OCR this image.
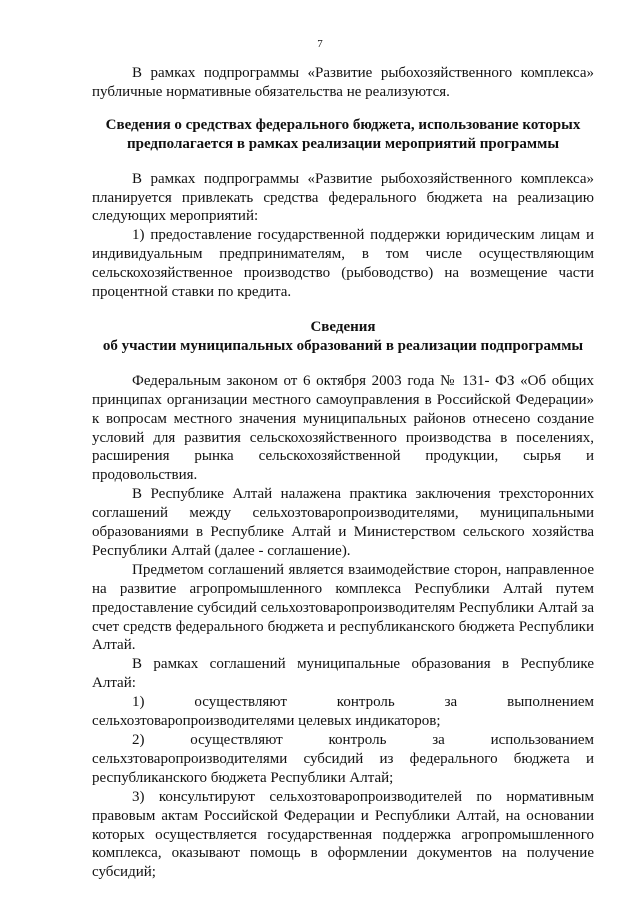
7

В рамках подпрограммы «Развитие рыбохозяйственного комплекса» публичные нормативные обязательства не реализуются.

Сведения о средствах федерального бюджета, использование которых
предполагается в рамках реализации мероприятий программы

В рамках подпрограммы «Развитие рыбохозяйственного комплекса» планируется привлекать средства федерального бюджета на реализацию следующих мероприятий:

1) предоставление государственной поддержки юридическим лицам и индивидуальным предпринимателям, в том числе осуществляющим сельскохозяйственное производство (рыбоводство) на возмещение части процентной ставки по кредита.

Сведения
об участии муниципальных образований в реализации подпрограммы

Федеральным законом от 6 октября 2003 года № 131- ФЗ «Об общих принципах организации местного самоуправления в Российской Федерации» к вопросам местного значения муниципальных районов отнесено создание условий для развития сельскохозяйственного производства в поселениях, расширения рынка сельскохозяйственной продукции, сырья и продовольствия.

В Республике Алтай налажена практика заключения трехсторонних соглашений между сельхозтоваропроизводителями, муниципальными образованиями в Республике Алтай и Министерством сельского хозяйства Республики Алтай (далее - соглашение).

Предметом соглашений является взаимодействие сторон, направленное на развитие агропромышленного комплекса Республики Алтай путем предоставление субсидий сельхозтоваропроизводителям Республики Алтай за счет средств федерального бюджета и республиканского бюджета Республики Алтай.

В рамках соглашений муниципальные образования в Республике Алтай:

1) осуществляют контроль за выполнением сельхозтоваропроизводителями целевых индикаторов;

2) осуществляют контроль за использованием сельхзтоваропроизводителями субсидий из федерального бюджета и республиканского бюджета Республики Алтай;

3) консультируют сельхозтоваропроизводителей по нормативным правовым актам Российской Федерации и Республики Алтай, на основании которых осуществляется государственная поддержка агропромышленного комплекса, оказывают помощь в оформлении документов на получение субсидий;
